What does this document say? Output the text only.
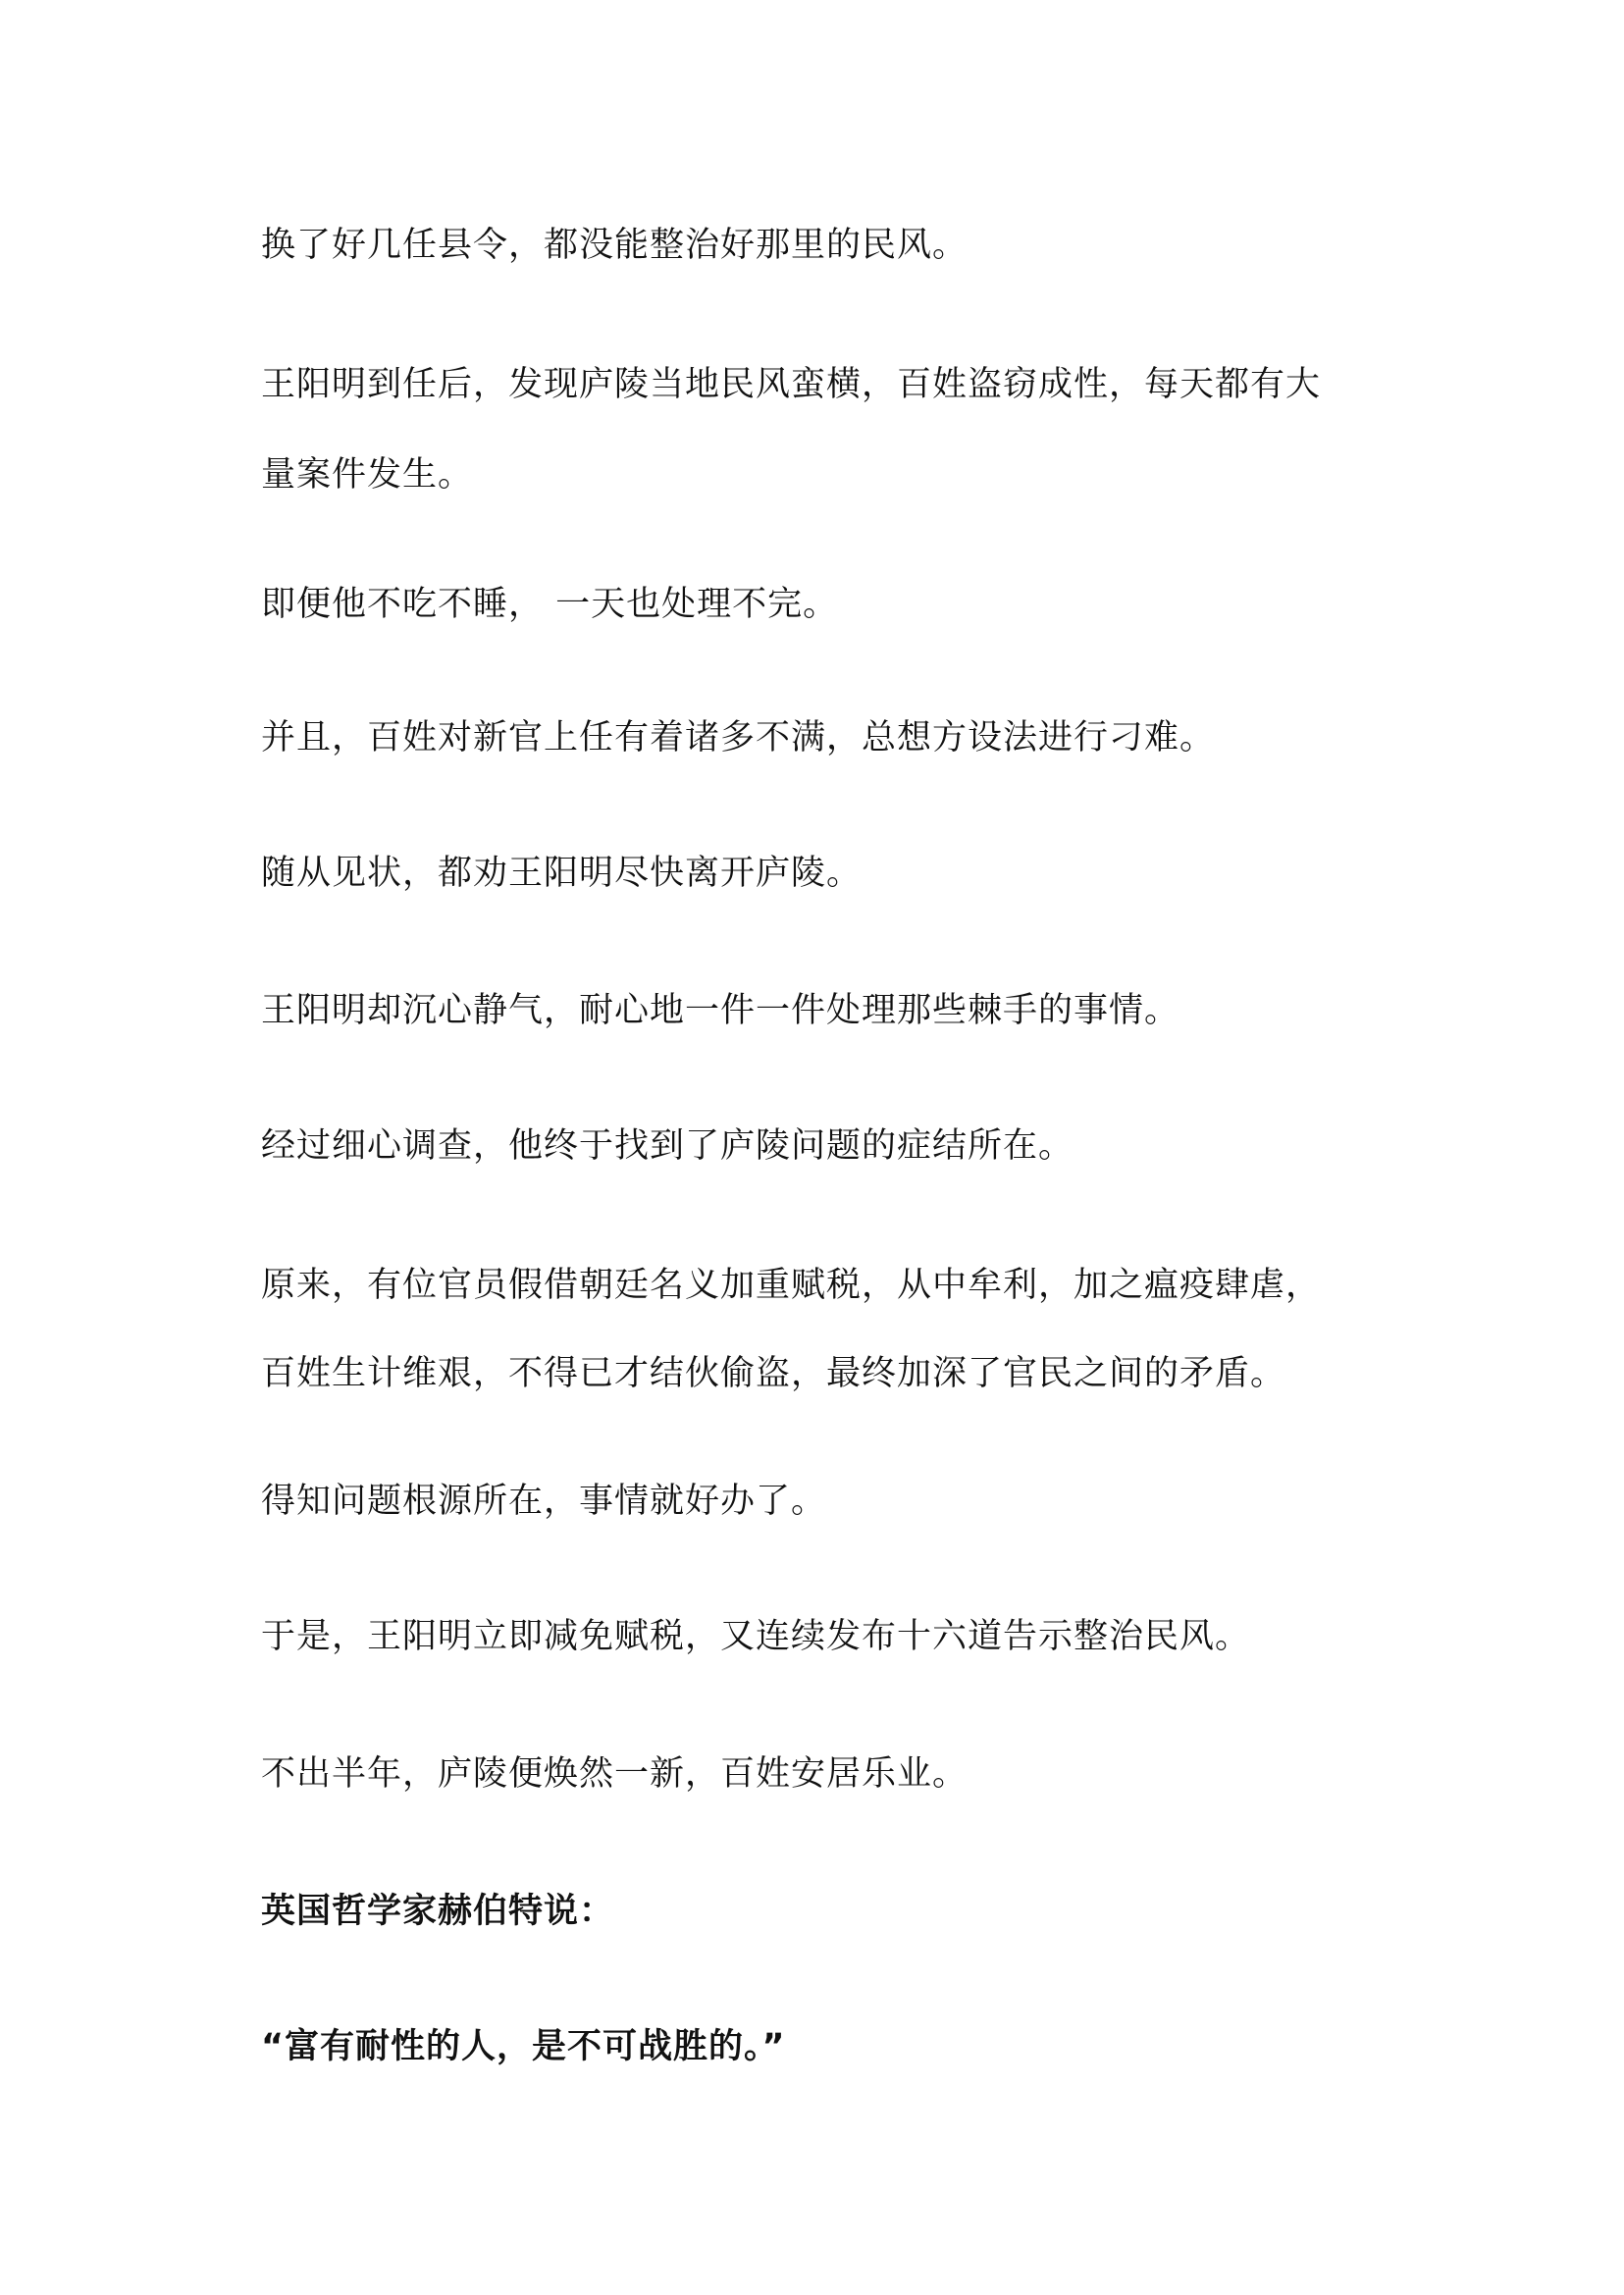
换了好几任县令，都没能整治好那里的民风。

王阳明到任后，发现庐陵当地民风蛮横，百姓盗窃成性，每天都有大

量案件发生。

即便他不吃不睡， 一天也处理不完。

并且，百姓对新官上任有着诸多不满，总想方设法进行刁难。

随从见状，都劝王阳明尽快离开庐陵。

王阳明却沉心静气，耐心地一件一件处理那些棘手的事情。

经过细心调查，他终于找到了庐陵问题的症结所在。

原来，有位官员假借朝廷名义加重赋税，从中牟利，加之瘟疫肆虐，

百姓生计维艰，不得已才结伙偷盗，最终加深了官民之间的矛盾。

得知问题根源所在，事情就好办了。

于是，王阳明立即减免赋税，又连续发布十六道告示整治民风。

不出半年，庐陵便焕然一新，百姓安居乐业。

英国哲学家赫伯特说：

“富有耐性的人，是不可战胜的。”
